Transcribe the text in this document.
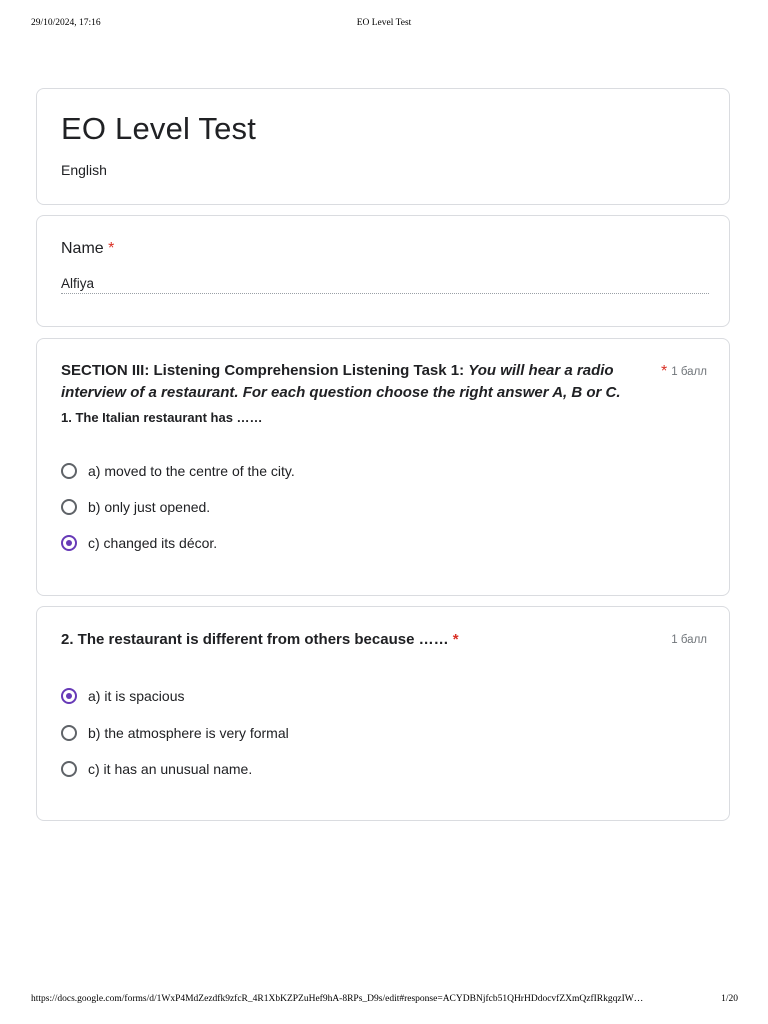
29/10/2024, 17:16	EO Level Test
EO Level Test
English
Name *
Alfiya
SECTION III: Listening Comprehension Listening Task 1: You will hear a radio interview of a restaurant. For each question choose the right answer A, B or C.
* 1 балл
1. The Italian restaurant has ……
a) moved to the centre of the city.
b) only just opened.
c) changed its décor.
2. The restaurant is different from others because …… *	1 балл
a) it is spacious
b) the atmosphere is very formal
c) it has an unusual name.
https://docs.google.com/forms/d/1WxP4MdZezdfk9zfcR_4R1XbKZPZuHef9hA-8RPs_D9s/edit#response=ACYDBNjfcb51QHrHDdocvfZXmQzfIRkgqzIW…	1/20
